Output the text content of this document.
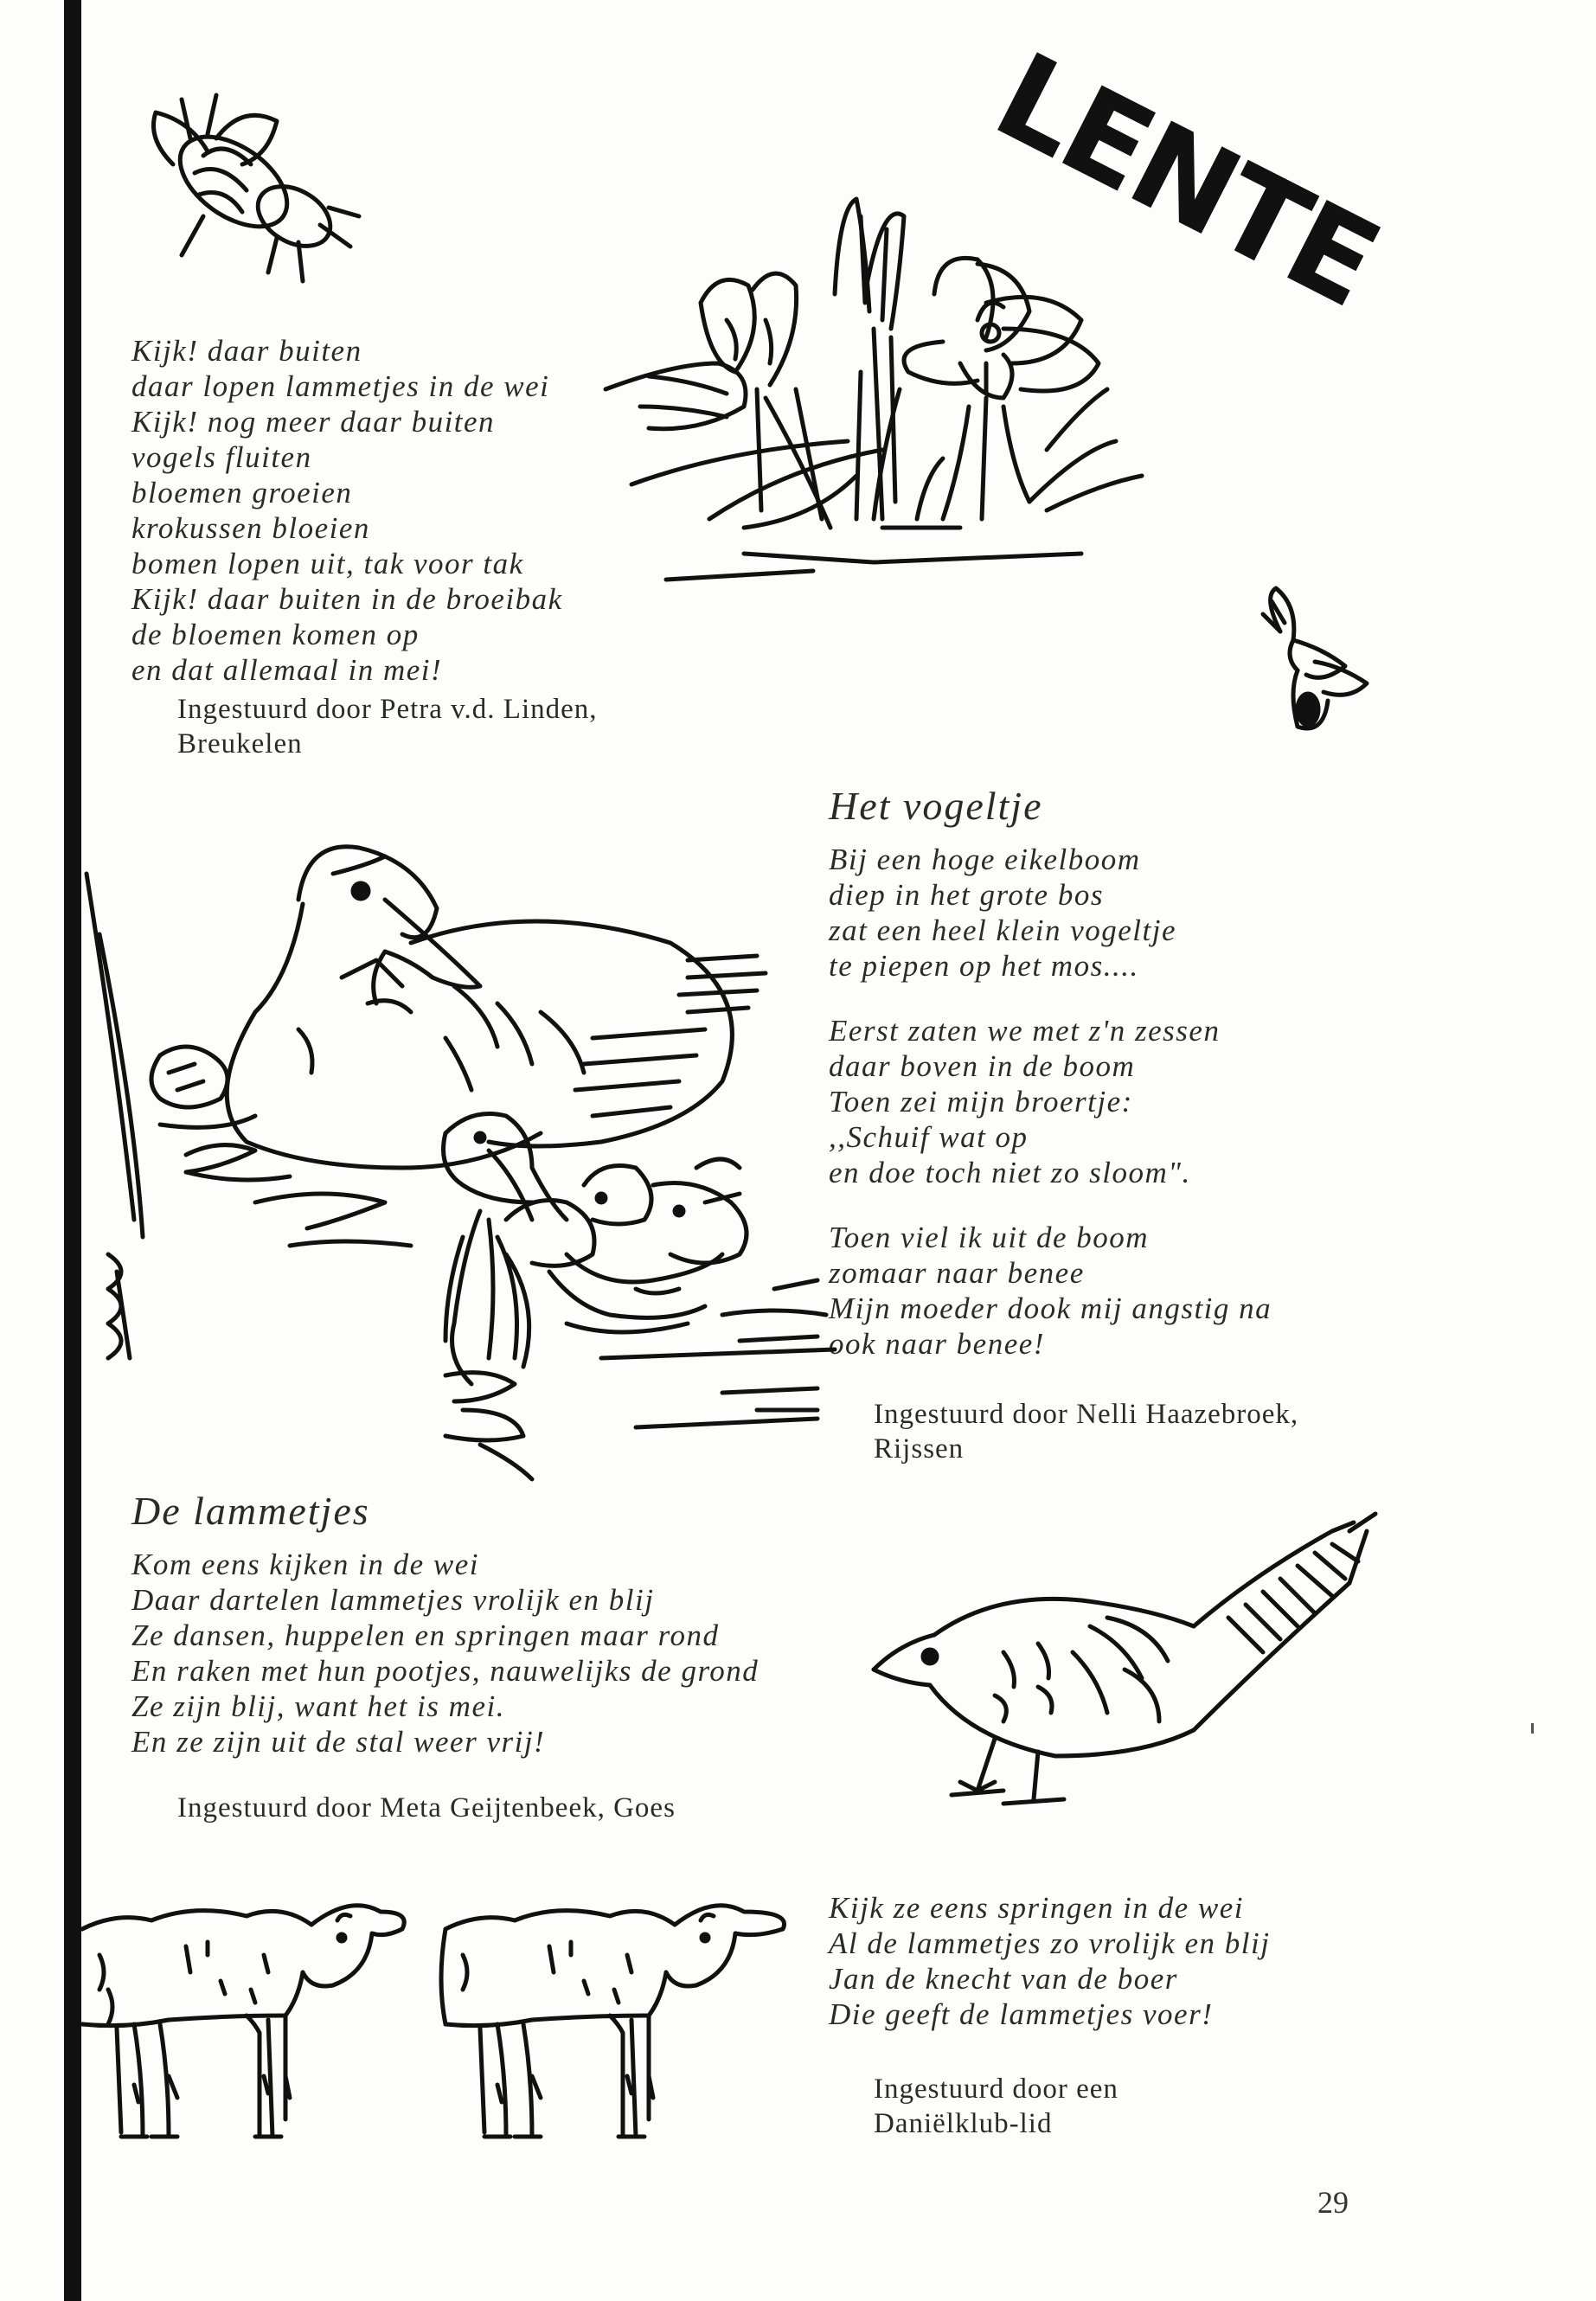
LENTE
Kijk! daar buiten
daar lopen lammetjes in de wei
Kijk! nog meer daar buiten
vogels fluiten
bloemen groeien
krokussen bloeien
bomen lopen uit, tak voor tak
Kijk! daar buiten in de broeibak
de bloemen komen op
en dat allemaal in mei!
Ingestuurd door Petra v.d. Linden,
Breukelen
Het vogeltje
Bij een hoge eikelboom
diep in het grote bos
zat een heel klein vogeltje
te piepen op het mos....
Eerst zaten we met z'n zessen
daar boven in de boom
Toen zei mijn broertje:
,,Schuif wat op
en doe toch niet zo sloom".
Toen viel ik uit de boom
zomaar naar benee
Mijn moeder dook mij angstig na
ook naar benee!
Ingestuurd door Nelli Haazebroek,
Rijssen
De lammetjes
Kom eens kijken in de wei
Daar dartelen lammetjes vrolijk en blij
Ze dansen, huppelen en springen maar rond
En raken met hun pootjes, nauwelijks de grond
Ze zijn blij, want het is mei.
En ze zijn uit de stal weer vrij!
Ingestuurd door Meta Geijtenbeek, Goes
Kijk ze eens springen in de wei
Al de lammetjes zo vrolijk en blij
Jan de knecht van de boer
Die geeft de lammetjes voer!
Ingestuurd door een
Daniëlklub-lid
29
